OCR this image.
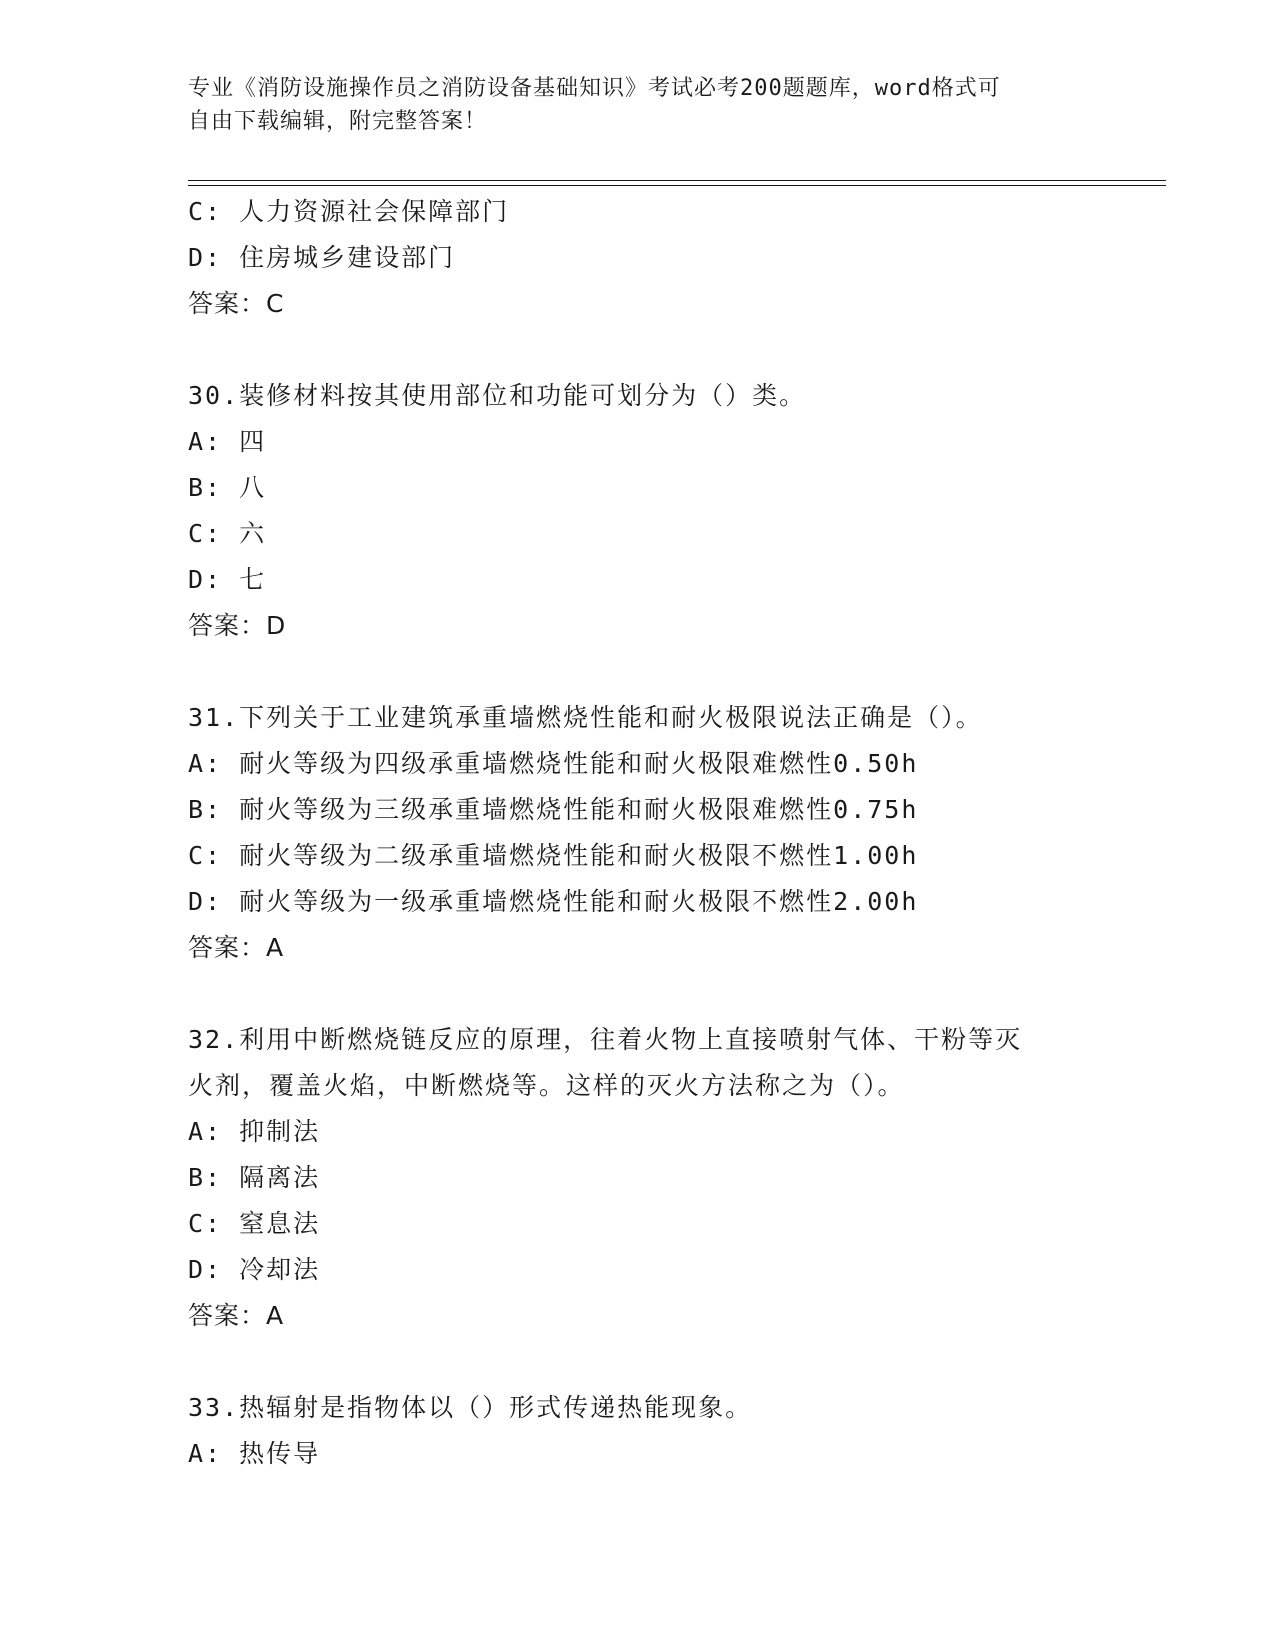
专业《消防设施操作员之消防设备基础知识》考试必考200题题库，word格式可
自由下载编辑，附完整答案！
C: 人力资源社会保障部门
D: 住房城乡建设部门
答案：C
30.装修材料按其使用部位和功能可划分为（）类。
A: 四
B: 八
C: 六
D: 七
答案：D
31.下列关于工业建筑承重墙燃烧性能和耐火极限说法正确是（）。
A: 耐火等级为四级承重墙燃烧性能和耐火极限难燃性0.50h
B: 耐火等级为三级承重墙燃烧性能和耐火极限难燃性0.75h
C: 耐火等级为二级承重墙燃烧性能和耐火极限不燃性1.00h
D: 耐火等级为一级承重墙燃烧性能和耐火极限不燃性2.00h
答案：A
32.利用中断燃烧链反应的原理，往着火物上直接喷射气体、干粉等灭
火剂，覆盖火焰，中断燃烧等。这样的灭火方法称之为（）。
A: 抑制法
B: 隔离法
C: 窒息法
D: 冷却法
答案：A
33.热辐射是指物体以（）形式传递热能现象。
A: 热传导
